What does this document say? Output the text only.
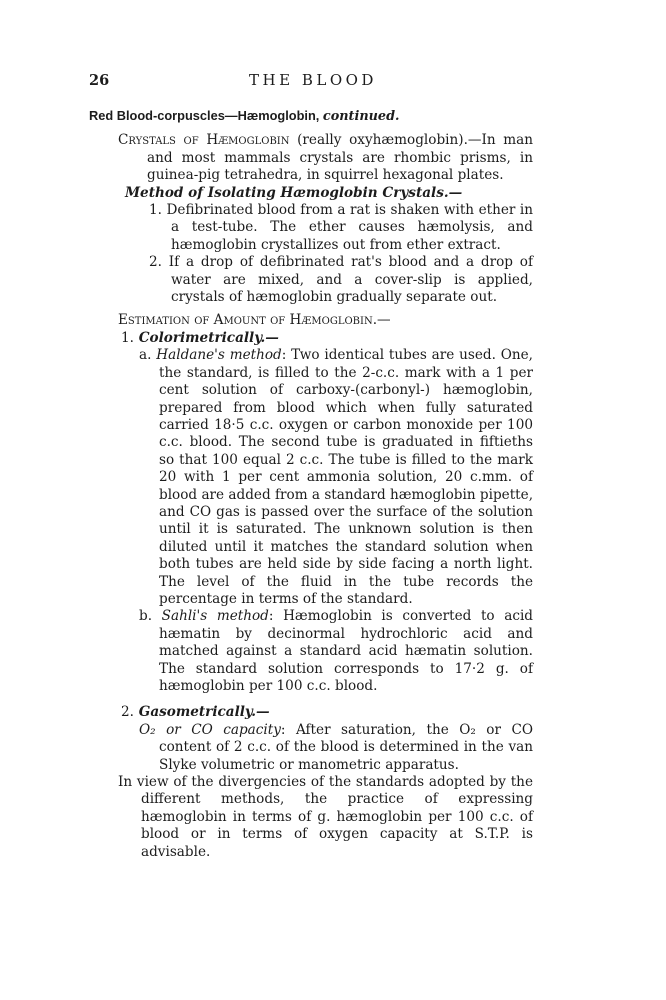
26	THE BLOOD

Red Blood-corpuscles—Hæmoglobin, continued.

Crystals of Hæmoglobin (really oxyhæmoglobin).—In man and most mammals crystals are rhombic prisms, in guinea-pig tetrahedra, in squirrel hexagonal plates.

Method of Isolating Hæmoglobin Crystals.—

1. Defibrinated blood from a rat is shaken with ether in a test-tube. The ether causes hæmolysis, and hæmoglobin crystallizes out from ether extract.

2. If a drop of defibrinated rat's blood and a drop of water are mixed, and a cover-slip is applied, crystals of hæmoglobin gradually separate out.

Estimation of Amount of Hæmoglobin.—

1. Colorimetrically.—

a. Haldane's method: Two identical tubes are used. One, the standard, is filled to the 2-c.c. mark with a 1 per cent solution of carboxy-(carbonyl-) hæmoglobin, prepared from blood which when fully saturated carried 18·5 c.c. oxygen or carbon monoxide per 100 c.c. blood. The second tube is graduated in fiftieths so that 100 equal 2 c.c. The tube is filled to the mark 20 with 1 per cent ammonia solution, 20 c.mm. of blood are added from a standard hæmoglobin pipette, and CO gas is passed over the surface of the solution until it is saturated. The unknown solution is then diluted until it matches the standard solution when both tubes are held side by side facing a north light. The level of the fluid in the tube records the percentage in terms of the standard.

b. Sahli's method: Hæmoglobin is converted to acid hæmatin by decinormal hydrochloric acid and matched against a standard acid hæmatin solution. The standard solution corresponds to 17·2 g. of hæmoglobin per 100 c.c. blood.

2. Gasometrically.—

O₂ or CO capacity: After saturation, the O₂ or CO content of 2 c.c. of the blood is determined in the van Slyke volumetric or manometric apparatus.

In view of the divergencies of the standards adopted by the different methods, the practice of expressing hæmoglobin in terms of g. hæmoglobin per 100 c.c. of blood or in terms of oxygen capacity at S.T.P. is advisable.
